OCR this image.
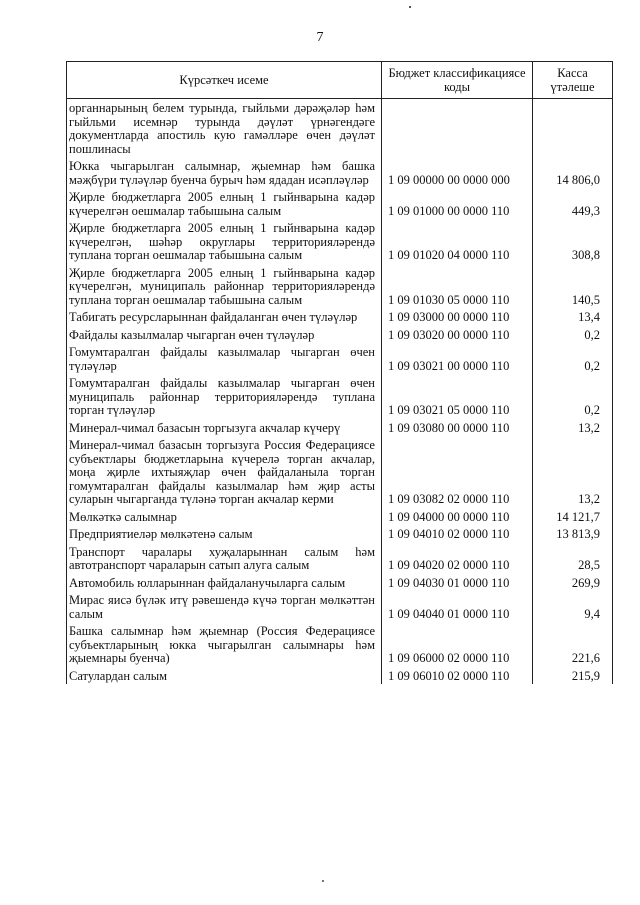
7
Күрсәткеч исеме	Бюджет классификациясе коды	Касса үтәлеше
органнарының белем турында, гыйльми дәрәҗәләр һәм гыйльми исемнәр турында дәүләт үрнәгендәге документларда апостиль кую гамәлләре өчен дәүләт пошлинасы		
Юкка чыгарылган салымнар, җыемнар һәм башка мәҗбүри түләүләр буенча бурыч һәм ядадан исәпләүләр	1 09 00000 00 0000 000	14 806,0
Җирле бюджетларга 2005 елның 1 гыйнварына кадәр күчерелгән оешмалар табышына салым	1 09 01000 00 0000 110	449,3
Җирле бюджетларга 2005 елның 1 гыйнварына кадәр күчерелгән, шәһәр округлары территорияләрендә туплана торган оешмалар табышына салым	1 09 01020 04 0000 110	308,8
Җирле бюджетларга 2005 елның 1 гыйнварына кадәр күчерелгән, муниципаль районнар территорияләрендә туплана торган оешмалар табышына салым	1 09 01030 05 0000 110	140,5
Табигать ресурсларыннан файдаланган өчен түләүләр	1 09 03000 00 0000 110	13,4
Файдалы казылмалар чыгарган өчен түләүләр	1 09 03020 00 0000 110	0,2
Гомумтаралган файдалы казылмалар чыгарган өчен түләүләр	1 09 03021 00 0000 110	0,2
Гомумтаралган файдалы казылмалар чыгарган өчен муниципаль районнар территорияләрендә туплана торган түләүләр	1 09 03021 05 0000 110	0,2
Минерал-чимал базасын торгызуга акчалар күчерү	1 09 03080 00 0000 110	13,2
Минерал-чимал базасын торгызуга Россия Федерациясе субъектлары бюджетларына күчерелә торган акчалар, моңа җирле ихтыяҗлар өчен файдаланыла торган гомумтаралган файдалы казылмалар һәм җир асты суларын чыгарганда түләнә торган акчалар керми	1 09 03082 02 0000 110	13,2
Мөлкәткә салымнар	1 09 04000 00 0000 110	14 121,7
Предприятиеләр мөлкәтенә салым	1 09 04010 02 0000 110	13 813,9
Транспорт чаралары хуҗаларыннан салым һәм автотранспорт чараларын сатып алуга салым	1 09 04020 02 0000 110	28,5
Автомобиль юлларыннан файдаланучыларга салым	1 09 04030 01 0000 110	269,9
Мирас яисә бүләк итү рәвешендә күчә торган мөлкәттән салым	1 09 04040 01 0000 110	9,4
Башка салымнар һәм җыемнар (Россия Федерациясе субъектларының юкка чыгарылган салымнары һәм җыемнары буенча)	1 09 06000 02 0000 110	221,6
Сатулардан салым	1 09 06010 02 0000 110	215,9
